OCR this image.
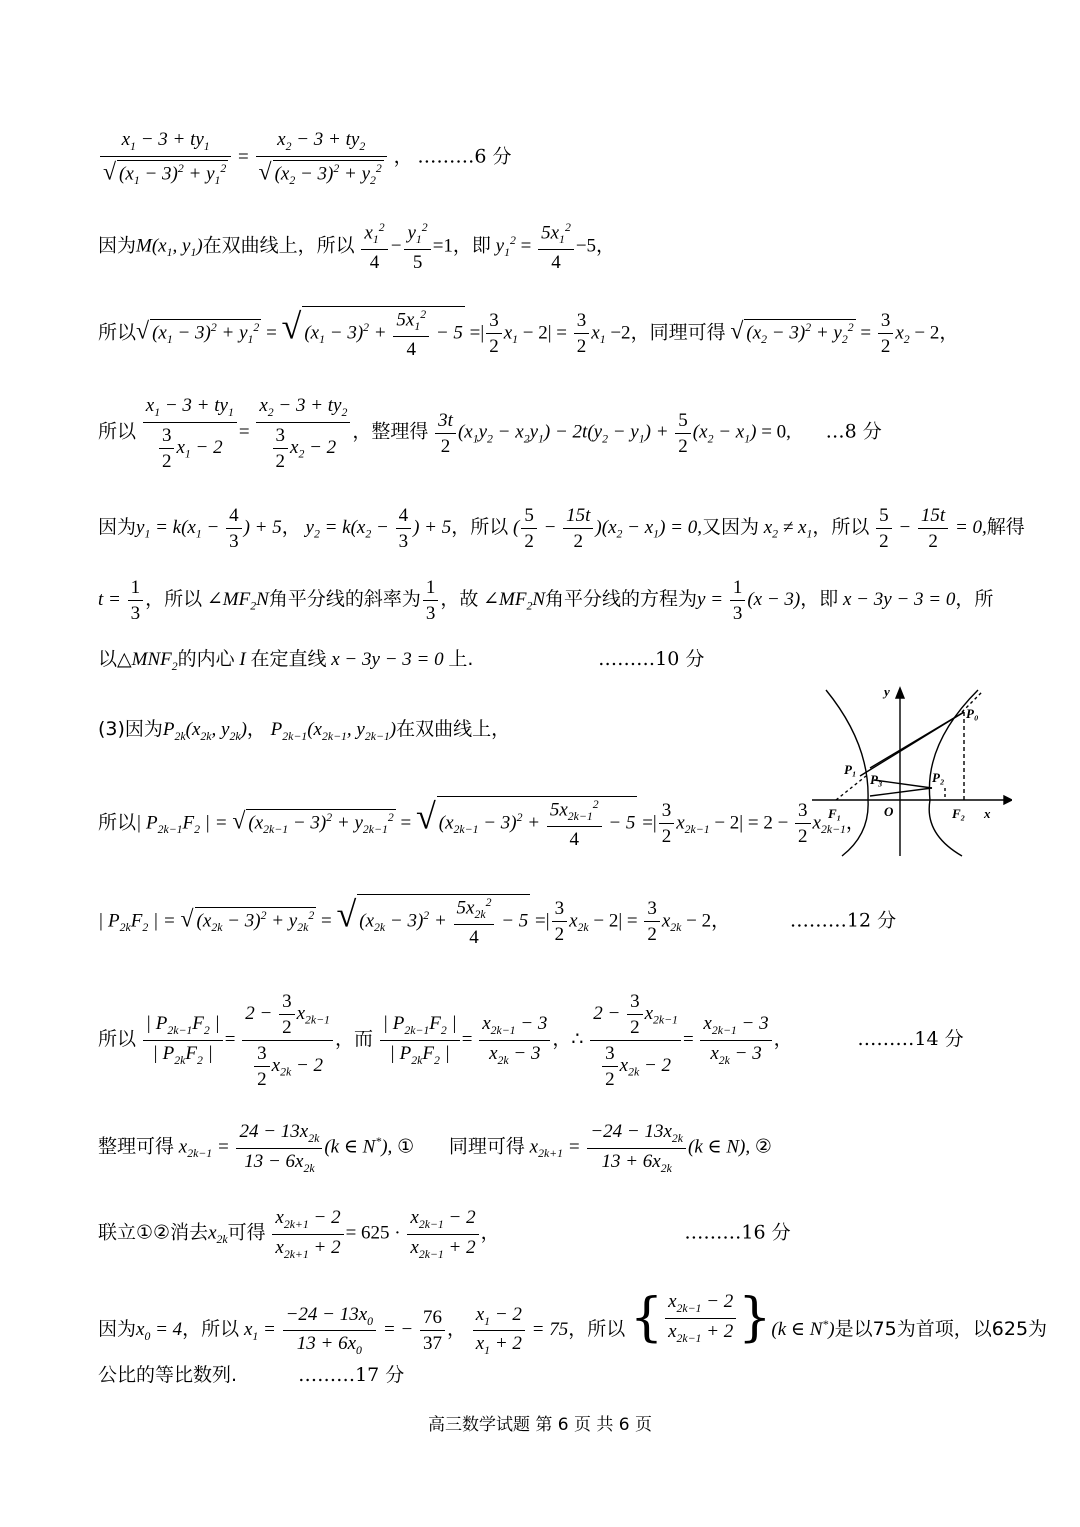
$\frac{x_1 - 3 + ty_1}{√ (x_1 - 3)^2 + y_1^2} = \frac{x_2 - 3 + ty_2}{√ (x_2 - 3)^2 + y_2^2}$ ， ………6 分
因为$M(x_1$, $y_1$)在双曲线上，所以 $\frac{x_1^2}{4} - \frac{y_1^2}{5} =1$，即 $y_1^2 = \frac{5x_1^2}{4} -5$，
所以√ $(x_1 - 3)^2 + y_1^2$ = √ $(x_1 - 3)^2 + \frac{5x_1^2}{4} - 5$ =| $\frac{3}{2} x_1 - 2| = \frac{3}{2} x_1 -2$，同理可得 √ $(x_2 - 3)^2 + y_2^2 = \frac{3}{2} x_2 - 2$，
所以 $\frac{x_1 - 3 + ty_1}{\frac{3}{2} x_1 - 2} = \frac{x_2 - 3 + ty_2}{\frac{3}{2} x_2 - 2}$ ，整理得 $\frac{3t}{2} (x_1y_2 - x_2y_1) - 2t(y_2 - y_1) + \frac{5}{2} (x_2 - x_1) = 0$, …8 分
因为$y_1 = k(x_1 - \frac{4}{3}$ ) + 5， $y_2 = k(x_2 - \frac{4}{3}$ ) + 5，所以 ( $\frac{5}{2} - \frac{15t}{2} )(x_2 - x_1) = 0$,又因为 $x_2 \ne x_1$，所以 $\frac{5}{2} - \frac{15t}{2} = 0$,解得
$t = \frac{1}{3}$ ，所以 $\angle MF_2N$角平分线的斜率为 $\frac{1}{3}$ ，故 $\angle MF_2N$角平分线的方程为$y = \frac{1}{3} (x - 3)$，即 x − 3y − 3 = 0，所
以$\triangle MNF_2$的内心 I 在定直线 x − 3y − 3 = 0 上.	………10 分
(3)因为$P_{2k}(x_{2k}$, $y_{2k}$)， $P_{2k-1}(x_{2k-1}$, $y_{2k-1}$)在双曲线上，
所以| $P_{2k-1}F_2$ | = √ $(x_{2k-1} - 3)^2 + y_{2k-1}^2$ = √ $(x_{2k-1} - 3)^2 + \frac{5x_{2k-1}^2}{4} - 5$ =| $\frac{3}{2} x_{2k-1} - 2| = 2 - \frac{3}{2} x_{2k-1}$，
| $P_{2k}F_2$ | = √ $(x_{2k} - 3)^2 + y_{2k}^2$ = √ $(x_{2k} - 3)^2 + \frac{5x_{2k}^2}{4} - 5$ =| $\frac{3}{2} x_{2k} - 2| = \frac{3}{2} x_{2k} - 2$，	………12 分
所以 $\frac{| P_{2k-1}F_2 |}{| P_{2k}F_2 |} = \frac{2 - \frac{3}{2} x_{2k-1}}{\frac{3}{2} x_{2k} - 2}$ ，而 $\frac{| P_{2k-1}F_2 |}{| P_{2k}F_2 |} = \frac{x_{2k-1} - 3}{x_{2k} - 3}$ ，∴ $\frac{2 - \frac{3}{2} x_{2k-1}}{\frac{3}{2} x_{2k} - 2} = \frac{x_{2k-1} - 3}{x_{2k} - 3}$ ，	………14 分
整理可得 $x_{2k-1} = \frac{24 - 13x_{2k}}{13 - 6x_{2k}} (k$ ∈ N*), ① 同理可得 $x_{2k+1} = \frac{-24 - 13x_{2k}}{13 + 6x_{2k}} (k$ ∈ N), ②
联立①②消去$x_{2k}$可得 $\frac{x_{2k+1} - 2}{x_{2k+1} + 2} = 625 \cdot \frac{x_{2k-1} - 2}{x_{2k-1} + 2}$ ，	………16 分
因为$x_0 = 4$，所以 $x_1 = \frac{-24 - 13x_0}{13 + 6x_0}$ = − $\frac{76}{37}$ ， $\frac{x_1 - 2}{x_1 + 2} = 75$，所以 { $\frac{x_{2k-1} - 2}{x_{2k-1} + 2}$ } (k ∈ N*)是以75为首项，以625为
公比的等比数列.	………17 分
y
P₀
P₁
P₃	P₂
F₁	O	F₂ x
高三数学试题 第 6 页 共 6 页
